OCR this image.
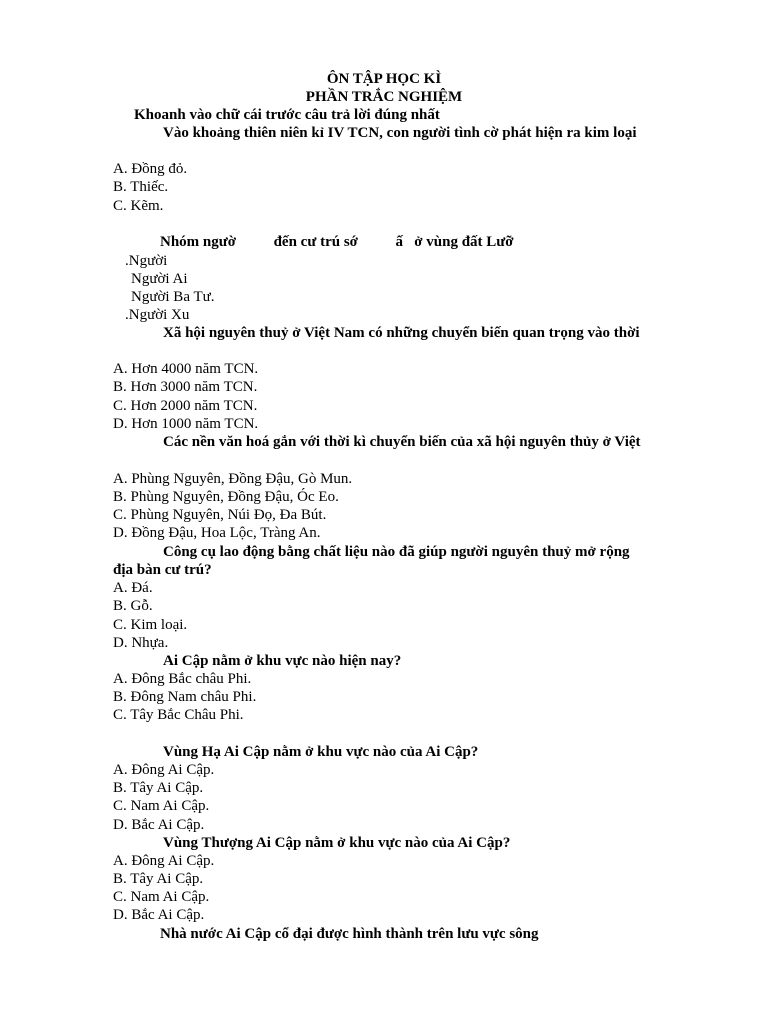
ÔN TẬP HỌC KÌ
PHẦN TRẮC NGHIỆM
Khoanh vào chữ cái trước câu trả lời đúng nhất
Vào khoảng thiên niên kỉ IV TCN, con người tình cờ phát hiện ra kim loại
A. Đồng đỏ.
B. Thiếc.
C. Kẽm.
Nhóm ngườ          đến cư trú sớ          ấ   ở vùng đất Lưỡ
.Người
Người Ai
Người Ba Tư.
.Người Xu
Xã hội nguyên thuỷ ở Việt Nam có những chuyển biến quan trọng vào thời
A. Hơn 4000 năm TCN.
B. Hơn 3000 năm TCN.
C. Hơn 2000 năm TCN.
D. Hơn 1000 năm TCN.
Các nền văn hoá gắn với thời kì chuyển biến của xã hội nguyên thủy ở Việt
A. Phùng Nguyên, Đồng Đậu, Gò Mun.
B. Phùng Nguyên, Đồng Đậu, Óc Eo.
C. Phùng Nguyên, Núi Đọ, Đa Bút.
D. Đồng Đậu, Hoa Lộc, Tràng An.
Công cụ lao động bằng chất liệu nào đã giúp người nguyên thuỷ mở rộng
địa bàn cư trú?
A. Đá.
B. Gỗ.
C. Kim loại.
D. Nhựa.
Ai Cập nằm ở khu vực nào hiện nay?
A. Đông Bắc châu Phi.
B. Đông Nam châu Phi.
C. Tây Bắc Châu Phi.
Vùng Hạ Ai Cập nằm ở khu vực nào của Ai Cập?
A. Đông Ai Cập.
B. Tây Ai Cập.
C. Nam Ai Cập.
D. Bắc Ai Cập.
Vùng Thượng Ai Cập nằm ở khu vực nào của Ai Cập?
A. Đông Ai Cập.
B. Tây Ai Cập.
C. Nam Ai Cập.
D. Bắc Ai Cập.
Nhà nước Ai Cập cổ đại được hình thành trên lưu vực sông
